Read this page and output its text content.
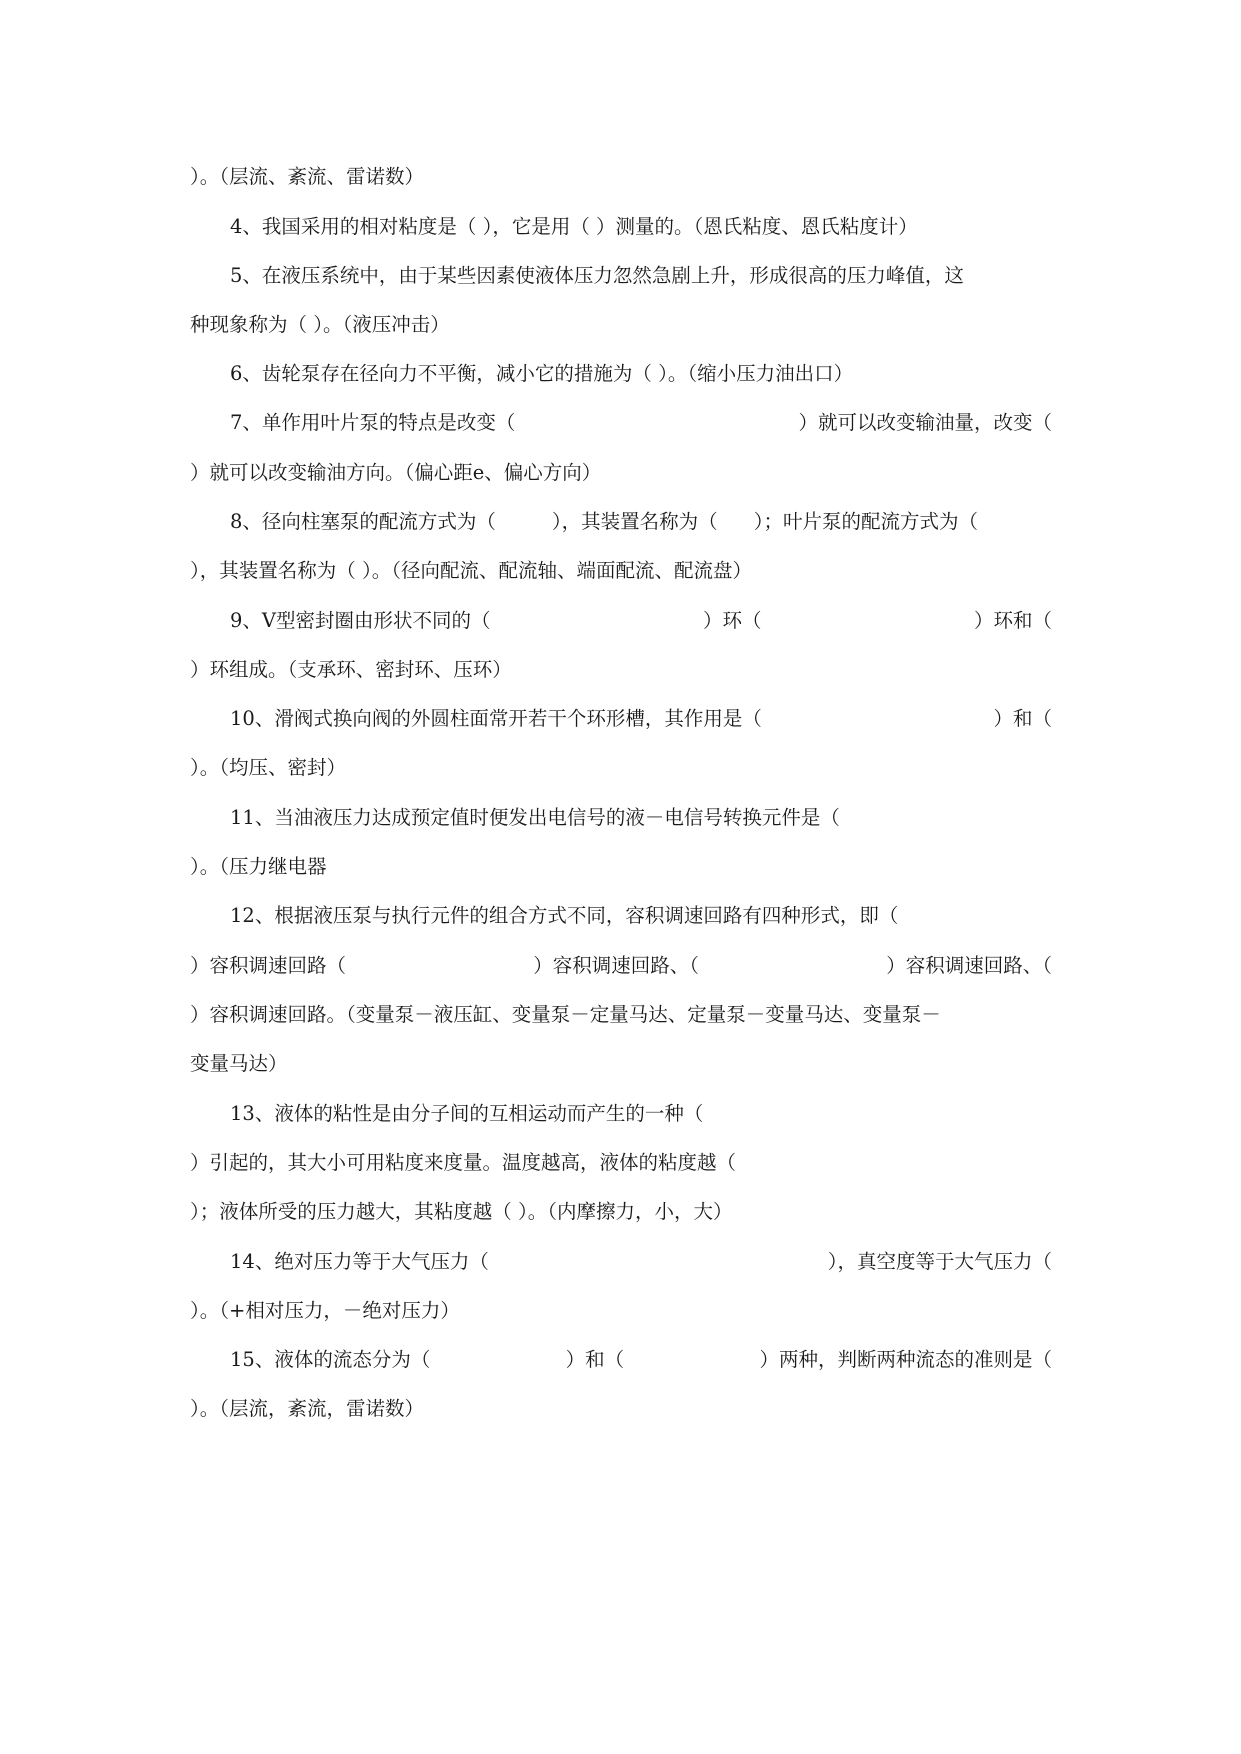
）。（层流、紊流、雷诺数）
4、我国采用的相对粘度是（ ），它是用（ ）测量的。（恩氏粘度、恩氏粘度计）
5、在液压系统中，由于某些因素使液体压力忽然急剧上升，形成很高的压力峰值，这
种现象称为（ ）。（液压冲击）
6、齿轮泵存在径向力不平衡，减小它的措施为（ ）。（缩小压力油出口）
7、单作用叶片泵的特点是改变（	）就可以改变输油量，改变（
）就可以改变输油方向。（偏心距e、偏心方向）
8、径向柱塞泵的配流方式为（	），其装置名称为（ ）；叶片泵的配流方式为（
），其装置名称为（ ）。（径向配流、配流轴、端面配流、配流盘）
9、V型密封圈由形状不同的（	）环（	）环和（
）环组成。（支承环、密封环、压环）
10、滑阀式换向阀的外圆柱面常开若干个环形槽，其作用是（	）和（
）。（均压、密封）
11、当油液压力达成预定值时便发出电信号的液－电信号转换元件是（
）。（压力继电器
12、根据液压泵与执行元件的组合方式不同，容积调速回路有四种形式，即（
）容积调速回路（	）容积调速回路、（	）容积调速回路、（
）容积调速回路。（变量泵－液压缸、变量泵－定量马达、定量泵－变量马达、变量泵－
变量马达）
13、液体的粘性是由分子间的互相运动而产生的一种（
）引起的，其大小可用粘度来度量。温度越高，液体的粘度越（
）；液体所受的压力越大，其粘度越（ ）。（内摩擦力，小，大）
14、绝对压力等于大气压力（	），真空度等于大气压力（
）。（+相对压力，－绝对压力）
15、液体的流态分为（	）和（	）两种，判断两种流态的准则是（
）。（层流，紊流，雷诺数）
